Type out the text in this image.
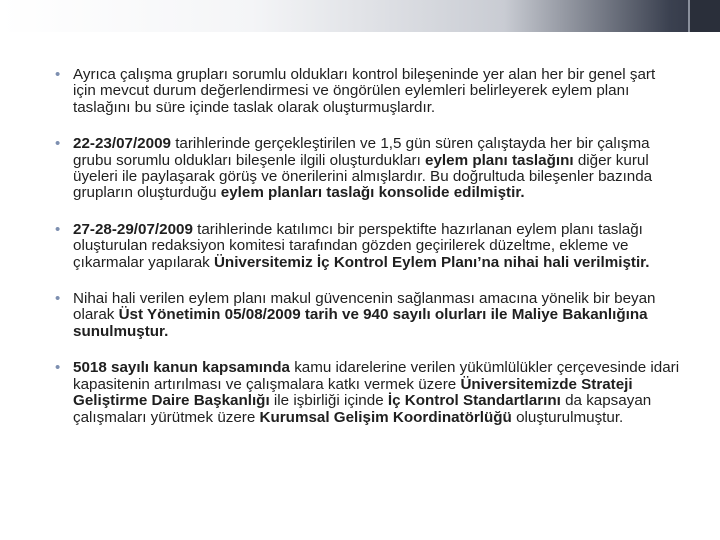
• Ayrıca çalışma grupları sorumlu oldukları kontrol bileşeninde yer alan her bir genel şart için mevcut durum değerlendirmesi ve öngörülen eylemleri belirleyerek eylem planı taslağını bu süre içinde taslak olarak oluşturmuşlardır.
• 22-23/07/2009 tarihlerinde gerçekleştirilen ve 1,5 gün süren çalıştayda her bir çalışma grubu sorumlu oldukları bileşenle ilgili oluşturdukları eylem planı taslağını diğer kurul üyeleri ile paylaşarak görüş ve önerilerini almışlardır. Bu doğrultuda bileşenler bazında grupların oluşturduğu eylem planları taslağı konsolide edilmiştir.
• 27-28-29/07/2009 tarihlerinde katılımcı bir perspektifte hazırlanan eylem planı taslağı oluşturulan redaksiyon komitesi tarafından gözden geçirilerek düzeltme, ekleme ve çıkarmalar yapılarak Üniversitemiz İç Kontrol Eylem Planı’na nihai hali verilmiştir.
• Nihai hali verilen eylem planı makul güvencenin sağlanması amacına yönelik bir beyan olarak Üst Yönetimin 05/08/2009 tarih ve 940 sayılı olurları ile Maliye Bakanlığına sunulmuştur.
• 5018 sayılı kanun kapsamında kamu idarelerine verilen yükümlülükler çerçevesinde idari kapasitenin artırılması ve çalışmalara katkı vermek üzere Üniversitemizde Strateji Geliştirme Daire Başkanlığı ile işbirliği içinde İç Kontrol Standartlarını da kapsayan çalışmaları yürütmek üzere Kurumsal Gelişim Koordinatörlüğü oluşturulmuştur.
